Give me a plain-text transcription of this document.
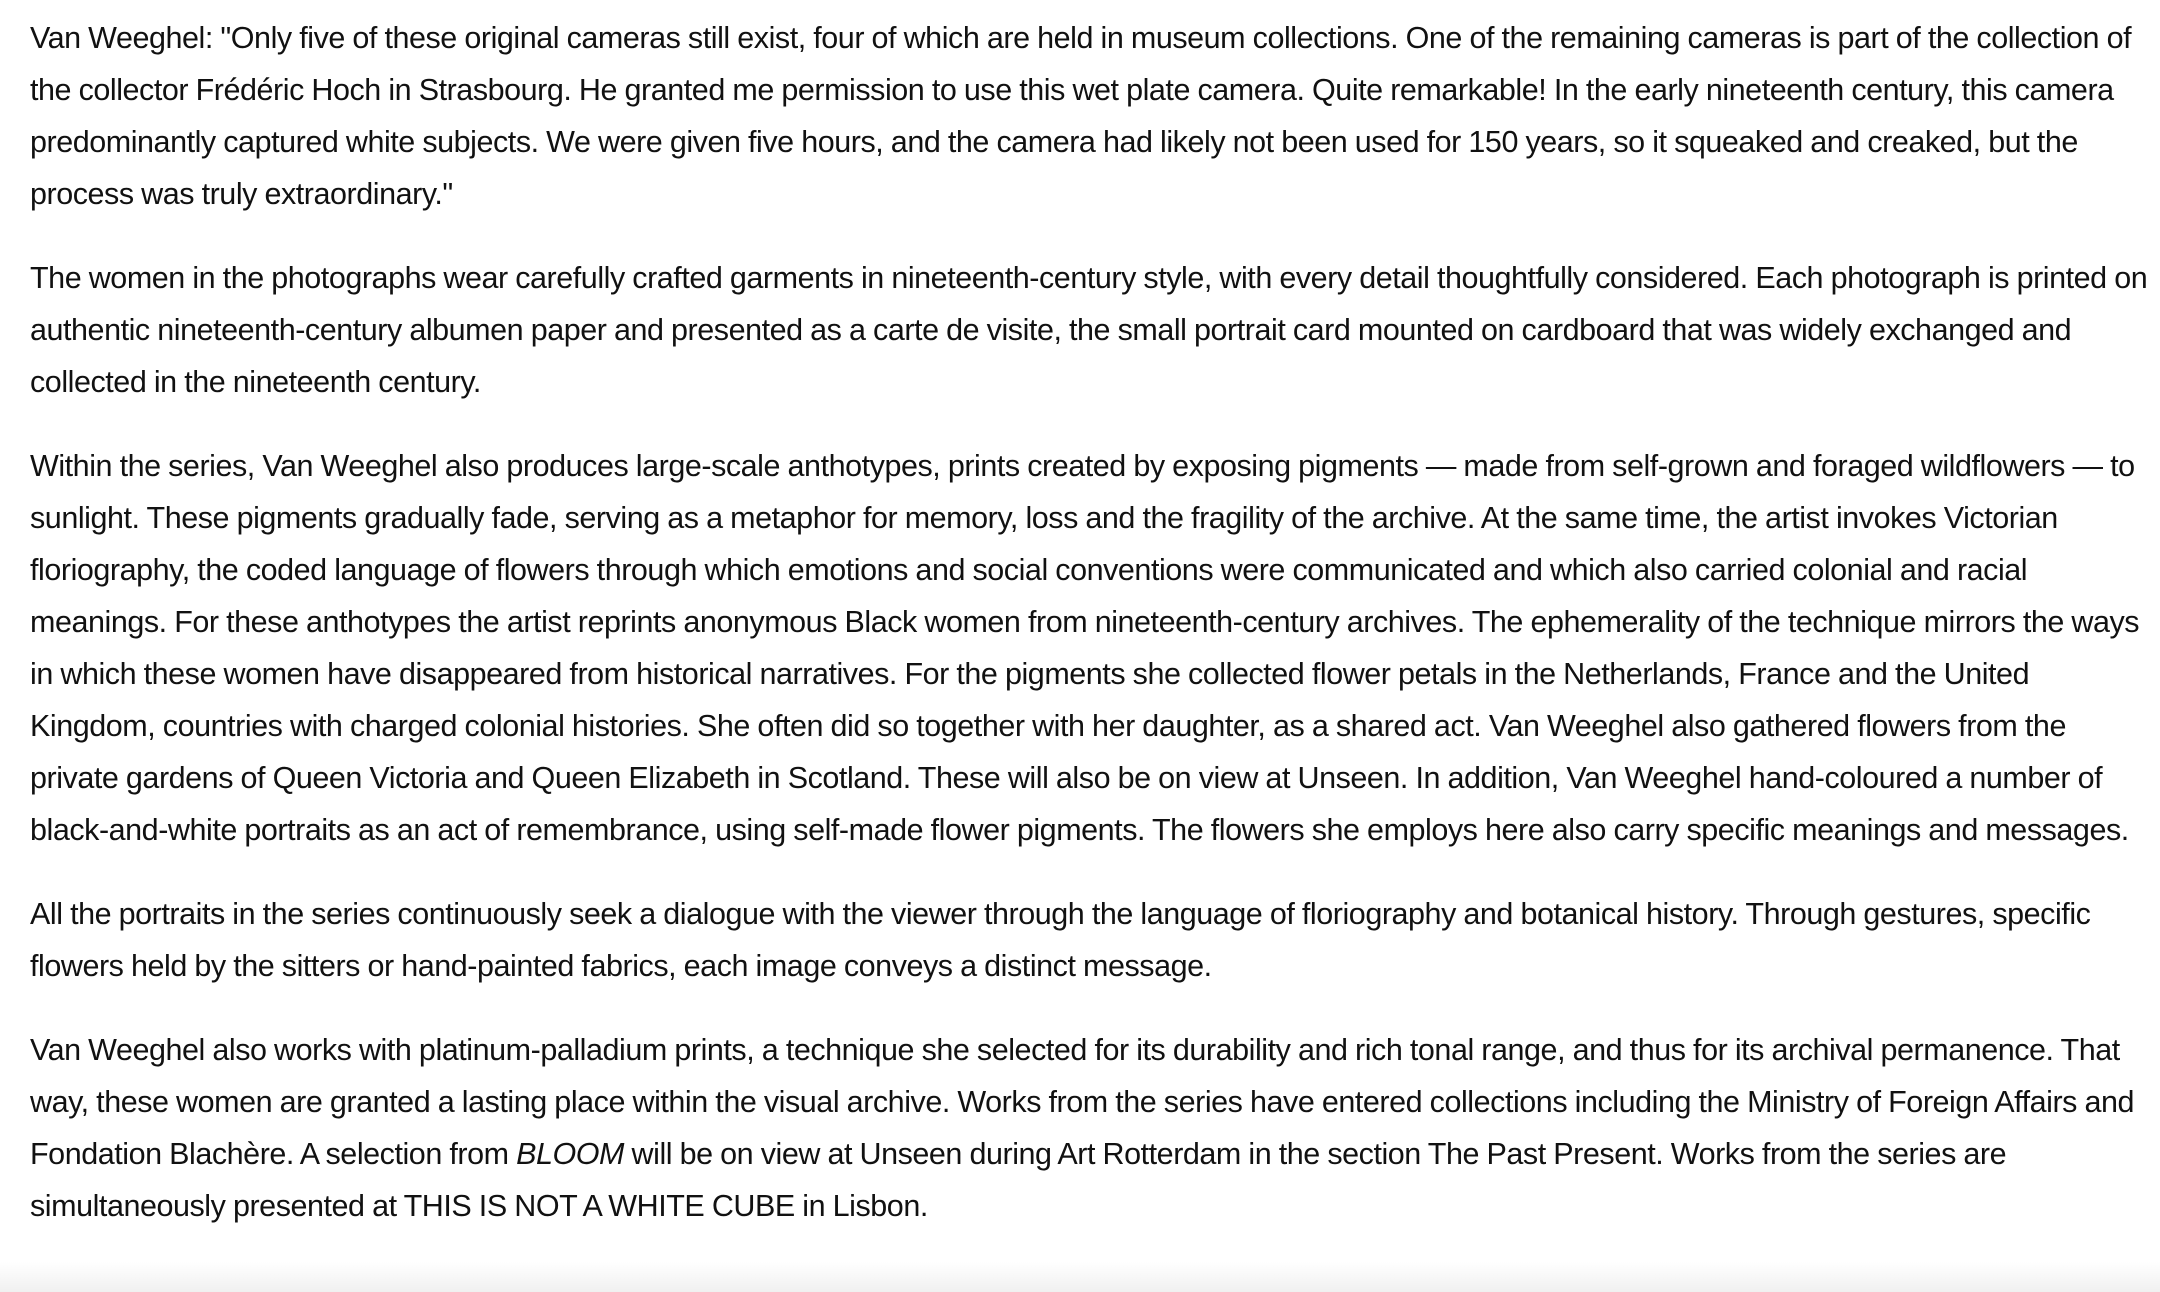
Van Weeghel: "Only five of these original cameras still exist, four of which are held in museum collections. One of the remaining cameras is part of the collection of the collector Frédéric Hoch in Strasbourg. He granted me permission to use this wet plate camera. Quite remarkable! In the early nineteenth century, this camera predominantly captured white subjects. We were given five hours, and the camera had likely not been used for 150 years, so it squeaked and creaked, but the process was truly extraordinary."

The women in the photographs wear carefully crafted garments in nineteenth-century style, with every detail thoughtfully considered. Each photograph is printed on authentic nineteenth-century albumen paper and presented as a carte de visite, the small portrait card mounted on cardboard that was widely exchanged and collected in the nineteenth century.

Within the series, Van Weeghel also produces large-scale anthotypes, prints created by exposing pigments — made from self-grown and foraged wildflowers — to sunlight. These pigments gradually fade, serving as a metaphor for memory, loss and the fragility of the archive. At the same time, the artist invokes Victorian floriography, the coded language of flowers through which emotions and social conventions were communicated and which also carried colonial and racial meanings. For these anthotypes the artist reprints anonymous Black women from nineteenth-century archives. The ephemerality of the technique mirrors the ways in which these women have disappeared from historical narratives. For the pigments she collected flower petals in the Netherlands, France and the United Kingdom, countries with charged colonial histories. She often did so together with her daughter, as a shared act. Van Weeghel also gathered flowers from the private gardens of Queen Victoria and Queen Elizabeth in Scotland. These will also be on view at Unseen. In addition, Van Weeghel hand-coloured a number of black-and-white portraits as an act of remembrance, using self-made flower pigments. The flowers she employs here also carry specific meanings and messages.

All the portraits in the series continuously seek a dialogue with the viewer through the language of floriography and botanical history. Through gestures, specific flowers held by the sitters or hand-painted fabrics, each image conveys a distinct message.

Van Weeghel also works with platinum-palladium prints, a technique she selected for its durability and rich tonal range, and thus for its archival permanence. That way, these women are granted a lasting place within the visual archive. Works from the series have entered collections including the Ministry of Foreign Affairs and Fondation Blachère. A selection from BLOOM will be on view at Unseen during Art Rotterdam in the section The Past Present. Works from the series are simultaneously presented at THIS IS NOT A WHITE CUBE in Lisbon.
